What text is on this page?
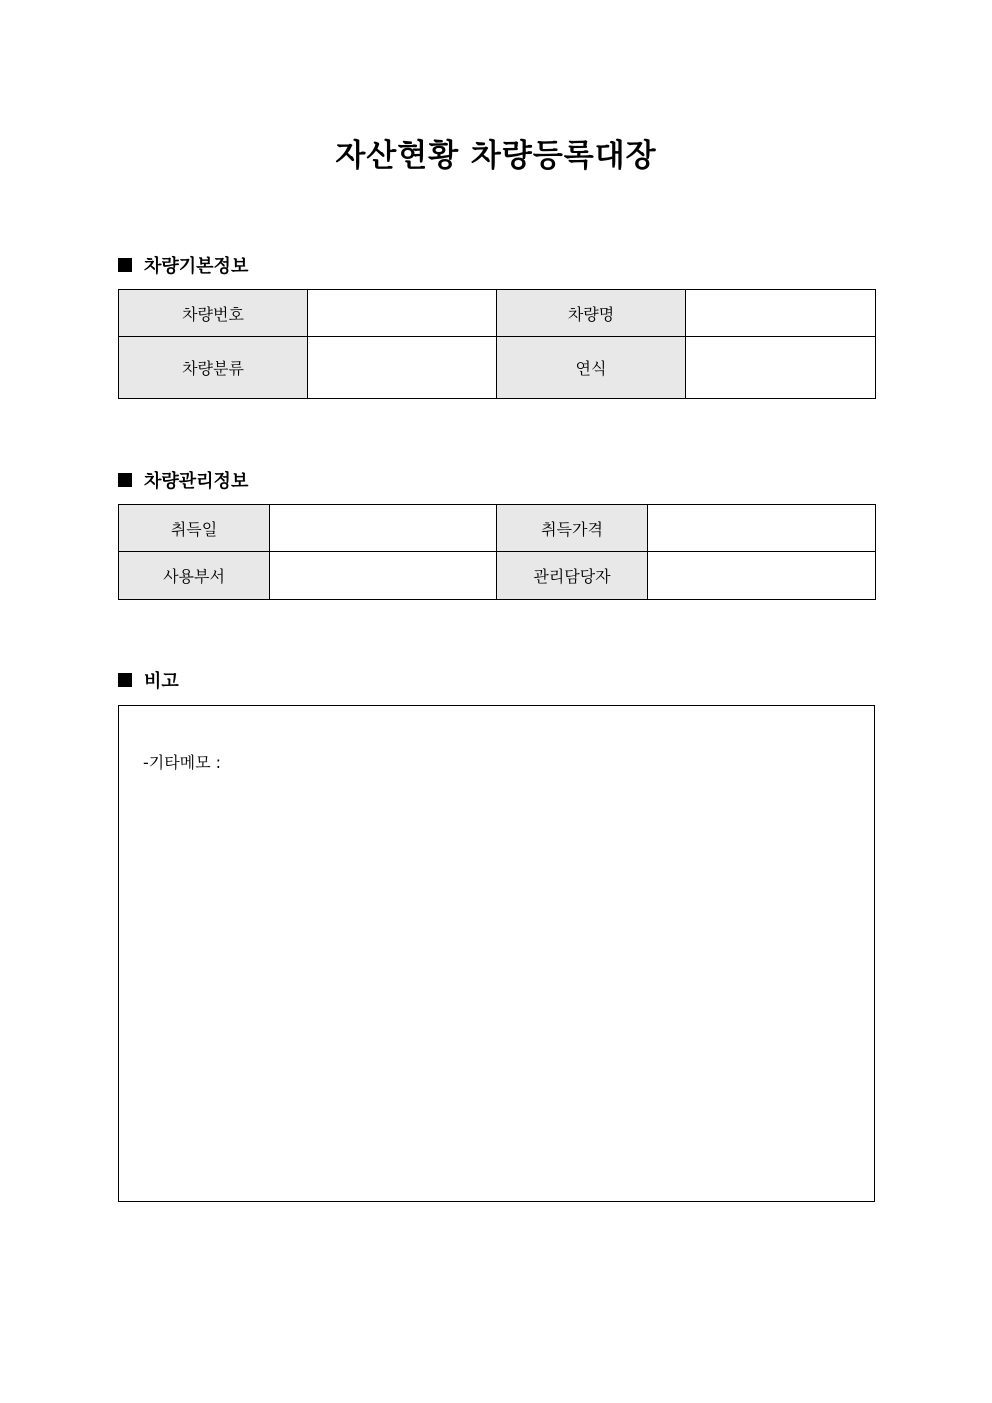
자산현황 차량등록대장
차량기본정보
차량번호		차량명	
차량분류		연식	
차량관리정보
취득일		취득가격	
사용부서		관리담당자	
비고
-기타메모 :
